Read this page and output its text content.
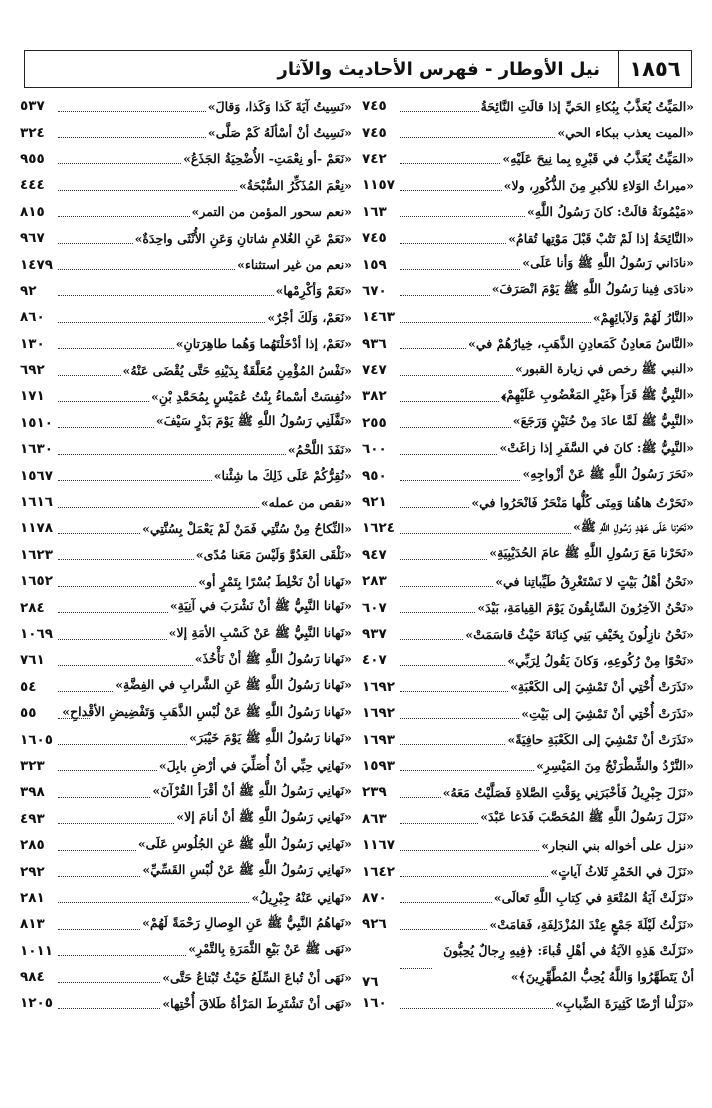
١٨٥٦
نيل الأوطار - فهرس الأحاديث والآثار
«المَيِّتُ يُعَذَّبُ بِبُكاءِ الحَيِّ إذا قالَتِ النَّائِحَةُ
٧٤٥
«الميت يعذب ببكاء الحي»
٧٤٥
«المَيِّتُ يُعَذَّبُ في قَبْرِهِ بِما نِيحَ عَلَيْهِ»
٧٤٢
«ميراثُ الوَلاءِ للأكبرِ مِنَ الذُّكُورِ، ولا»
١١٥٧
«مَيْمُونَةُ قالَتْ: كانَ رَسُولُ اللَّهِ»
١٦٣
«النَّائِحَةُ إذا لَمْ تَتُبْ قَبْلَ مَوْتِها تُقامُ»
٧٤٥
«نادَاني رَسُولُ اللَّهِ ﷺ وَأنا عَلَى»
١٥٩
«نادَى فِينا رَسُولُ اللَّهِ ﷺ يَوْمَ انْصَرَفَ»
٦٧٠
«النَّارُ لَهُمْ وَلآبائِهِمْ»
١٤٦٣
«النَّاسُ مَعادِنُ كَمَعادِنِ الذَّهَبِ، خِيارُهُمْ في»
٩٣٦
«النبي ﷺ رخص في زيارة القبور»
٧٤٧
«النَّبِيُّ ﷺ قَرَأَ ﴿غَيْرِ المَغْضُوبِ عَلَيْهِمْ﴾
٣٨٢
«النَّبِيُّ ﷺ لَمَّا عادَ مِنْ حُنَيْنٍ وَرَجَعَ»
٢٥٥
«النَّبِيُّ ﷺ: كانَ في السَّفَرِ إذا زاغَتْ»
٦٠٠
«نَحَرَ رَسُولُ اللَّهِ ﷺ عَنْ أزْواجِهِ»
٩٥٠
«نَحَرْتُ هاهُنا وَمِنَى كُلُّها مَنْحَرٌ فَانْحَرُوا في»
٩٢١
«نَحَرْنا عَلَى عَهْدِ رَسُولِ اللَّهِ ﷺ»
١٦٢٤
«نَحَرْنا مَعَ رَسُولِ اللَّهِ ﷺ عامَ الحُدَيْبِيَةِ»
٩٤٧
«نَحْنُ أهْلُ بَيْتٍ لا نَسْتَغْرِقُ طَيِّباتِنا في»
٢٨٣
«نَحْنُ الآخِرُونَ السَّابِقُونَ يَوْمَ القِيامَةِ، بَيْدَ»
٦٠٧
«نَحْنُ نازِلُونَ بِخَيْفِ بَنِي كِنانَةَ حَيْثُ قاسَمَتْ»
٩٣٧
«نَحْوًا مِنْ رُكُوعِهِ، وَكانَ يَقُولُ لِرَبِّي»
٤٠٧
«نَذَرَتْ أُخْتِي أنْ تَمْشِيَ إلى الكَعْبَةِ»
١٦٩٢
«نَذَرَتْ أُخْتِي أنْ تَمْشِيَ إلى بَيْتِ»
١٦٩٢
«نَذَرَتْ أنْ تَمْشِيَ إلى الكَعْبَةِ حافِيَةً»
١٦٩٣
«النَّرْدُ والشِّطْرَنْجُ مِنَ المَيْسِرِ»
١٥٩٣
«نَزَلَ جِبْرِيلُ فَأخْبَرَنِي بِوَقْتِ الصَّلاةِ فَصَلَّيْتُ مَعَهُ»
٢٣٩
«نَزَلَ رَسُولُ اللَّهِ ﷺ المُحَصَّبَ فَدَعا عَبْدَ»
٨٦٣
«نزل على أخواله بني النجار»
١١٦٧
«نَزَلَ في الخَمْرِ ثَلاثُ آياتٍ»
١٦٤٢
«نَزَلَتْ آيَةُ المُتْعَةِ في كِتابِ اللَّهِ تَعالَى»
٨٧٠
«نَزَلْتُ لَيْلَةَ جَمْعٍ عِنْدَ المُزْدَلِفَةِ، فَقامَتْ»
٩٢٦
«نَزَلَتْ هَذِهِ الآيَةُ في أهْلِ قُباءَ: ﴿فِيهِ رِجالٌ يُحِبُّونَ أنْ يَتَطَهَّرُوا وَاللَّهُ يُحِبُّ المُطَّهِّرِينَ﴾»
٧٦
«نَزَلْنا أرْضًا كَثِيرَةَ الضِّبابِ»
١٦٠
«نَسِيتُ آيَةَ كَذا وَكَذا، وَقالَ»
٥٣٧
«نَسِيتُ أنْ أسْألَهُ كَمْ صَلَّى»
٣٢٤
«نَعَمْ -أو نِعْمَتِ- الأُضْحِيَةُ الجَذَعُ»
٩٥٥
«نِعْمَ المُذَكِّرُ السُّبْحَةُ»
٤٤٤
«نعم سحور المؤمن من التمر»
٨١٥
«نَعَمْ عَنِ الغُلامِ شاتانِ وَعَنِ الأُنْثَى واحِدَةٌ»
٩٦٧
«نعم من غير استثناء»
١٤٧٩
«نَعَمْ وَأكْرِمْها»
٩٢
«نَعَمْ، وَلَكَ أجْرٌ»
٨٦٠
«نَعَمْ، إذا أدْخَلْتَهُما وَهُما طاهِرَتانِ»
١٣٠
«نَفْسُ المُؤْمِنِ مُعَلَّقَةٌ بِدَيْنِهِ حَتَّى يُقْضَى عَنْهُ»
٦٩٢
«نُفِسَتْ أسْماءُ بِنْتُ عُمَيْسٍ بِمُحَمَّدِ بْنِ»
١٧١
«نَفَّلَنِي رَسُولُ اللَّهِ ﷺ يَوْمَ بَدْرٍ سَيْفَ»
١٥١٠
«نَفَدَ اللَّحْمُ»
١٦٣٠
«نُقِرُّكُمْ عَلَى ذَلِكَ ما شِئْنا»
١٥٦٧
«نقص من عمله»
١٦١٦
«النِّكاحُ مِنْ سُنَّتِي فَمَنْ لَمْ يَعْمَلْ بِسُنَّتِي»
١١٧٨
«نَلْقَى العَدُوَّ وَلَيْسَ مَعَنا مُدًى»
١٦٢٣
«نَهانا أنْ نَخْلِطَ بُسْرًا بِتَمْرٍ أو»
١٦٥٢
«نَهانا النَّبِيُّ ﷺ أنْ نَشْرَبَ في آنِيَةِ»
٢٨٤
«نَهانا النَّبِيُّ ﷺ عَنْ كَسْبِ الأمَةِ إلا»
١٠٦٩
«نَهانا رَسُولُ اللَّهِ ﷺ أنْ نَأْخُذَ»
٧٦١
«نَهانا رَسُولُ اللَّهِ ﷺ عَنِ الشَّرابِ في الفِضَّةِ»
٥٤
«نَهانا رَسُولُ اللَّهِ ﷺ عَنْ لُبْسِ الذَّهَبِ وَتَفْضِيضِ الأقْداحِ»
٥٥
«نَهانا رَسُولُ اللَّهِ ﷺ يَوْمَ خَيْبَرَ»
١٦٠٥
«نَهانِي حِبِّي أنْ أُصَلِّيَ في أرْضِ بابِلَ»
٣٢٣
«نَهانِي رَسُولُ اللَّهِ ﷺ أنْ أقْرَأ القُرْآنَ»
٣٩٨
«نَهانِي رَسُولُ اللَّهِ ﷺ أنْ أنامَ إلا»
٤٩٣
«نَهانِي رَسُولُ اللَّهِ ﷺ عَنِ الجُلُوسِ عَلَى»
٢٨٥
«نَهانِي رَسُولُ اللَّهِ ﷺ عَنْ لُبْسِ القَسِّيِّ»
٢٩٢
«نَهانِي عَنْهُ جِبْرِيلُ»
٢٨١
«نَهاهُمُ النَّبِيُّ ﷺ عَنِ الوِصالِ رَحْمَةً لَهُمْ»
٨١٣
«نَهَى ﷺ عَنْ بَيْعِ الثَّمَرَةِ بِالتَّمْرِ»
١٠١١
«نَهَى أنْ تُباعَ السِّلَعُ حَيْثُ تُبْتاعُ حَتَّى»
٩٨٤
«نَهَى أنْ تَشْتَرِطَ المَرْأةُ طَلاقَ أُخْتِها»
١٢٠٥
